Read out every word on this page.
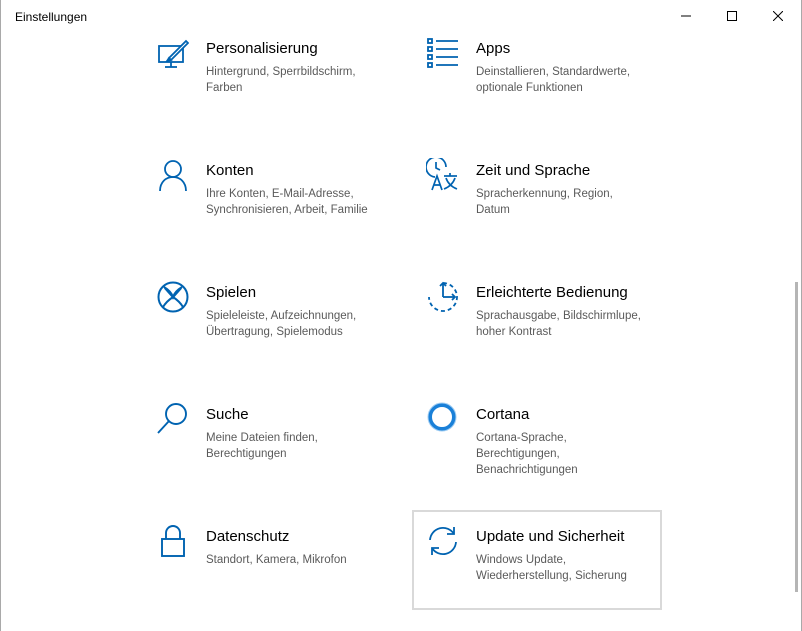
Einstellungen
Personalisierung
Hintergrund, Sperrbildschirm,
Farben
Apps
Deinstallieren, Standardwerte,
optionale Funktionen
Konten
Ihre Konten, E-Mail-Adresse,
Synchronisieren, Arbeit, Familie
Zeit und Sprache
Spracherkennung, Region,
Datum
Spielen
Spieleleiste, Aufzeichnungen,
Übertragung, Spielemodus
Erleichterte Bedienung
Sprachausgabe, Bildschirmlupe,
hoher Kontrast
Suche
Meine Dateien finden,
Berechtigungen
Cortana
Cortana-Sprache,
Berechtigungen,
Benachrichtigungen
Datenschutz
Standort, Kamera, Mikrofon
Update und Sicherheit
Windows Update,
Wiederherstellung, Sicherung
